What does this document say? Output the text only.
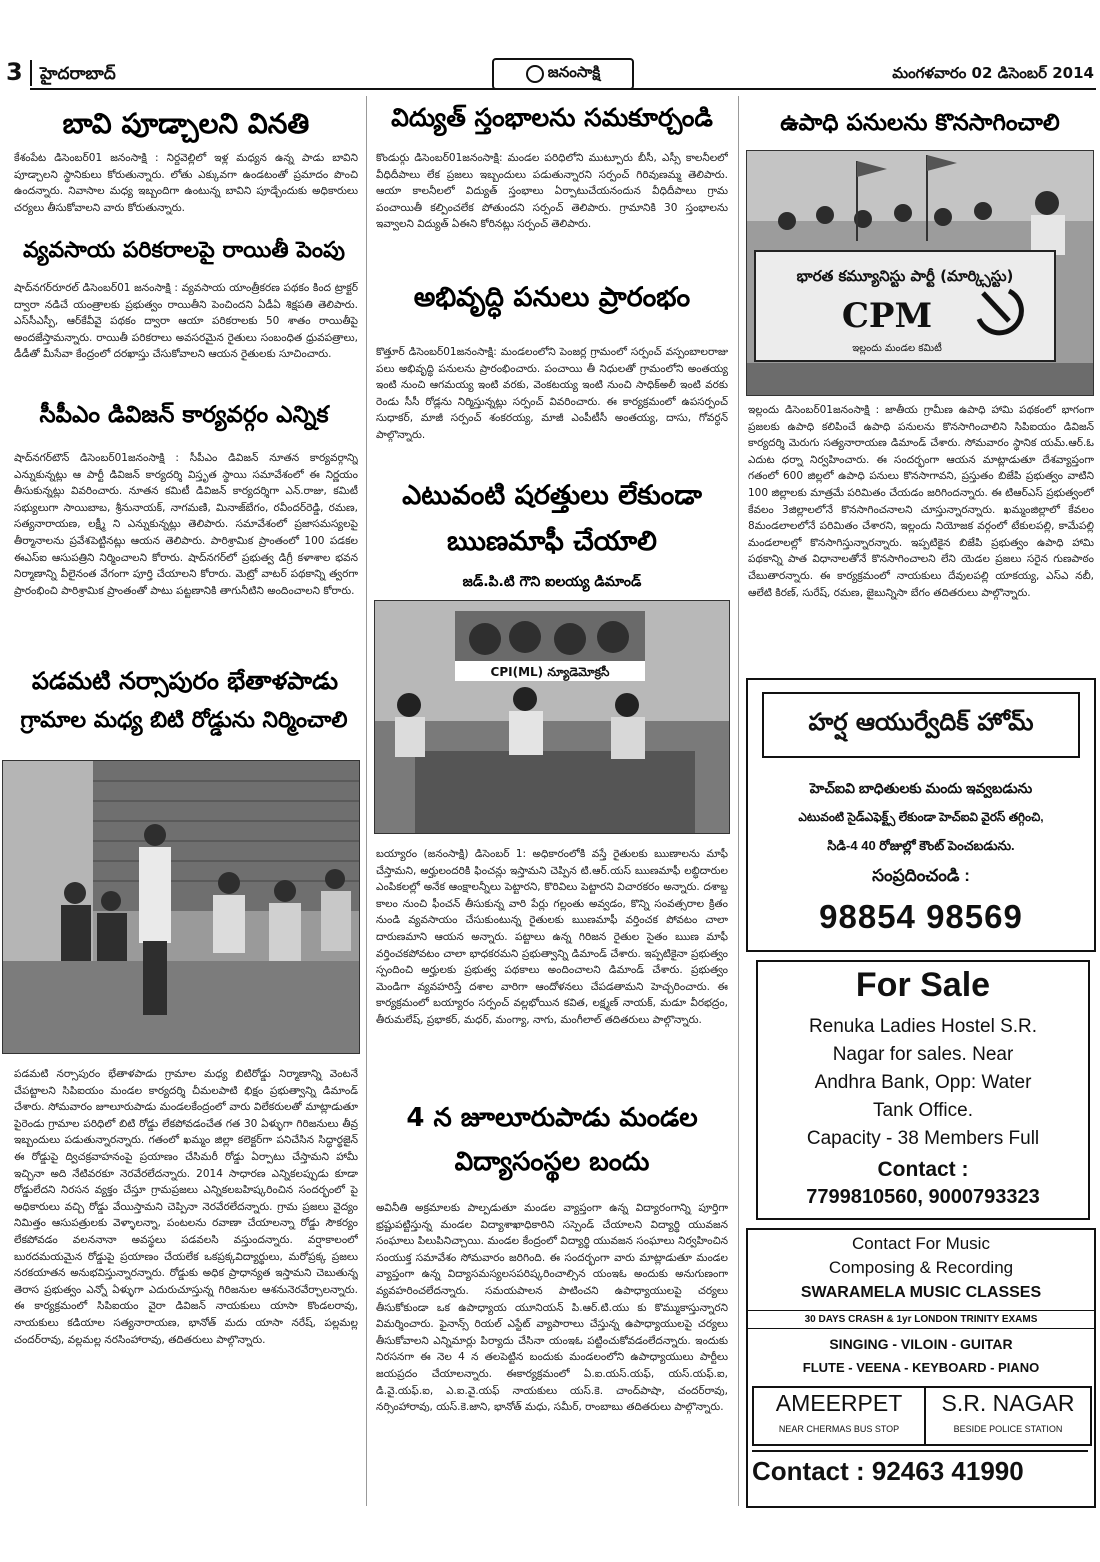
3 హైదరాబాద్	జనంసాక్షి	మంగళవారం 02 డిసెంబర్ 2014
బావి పూడ్చాలని వినతి
కేశంపేట డిసెంబర్01 జనంసాక్షి : నిర్దవెల్లిలో ఇళ్ల మధ్యన ఉన్న పాడు బావిని పూడ్చాలని స్థానికులు కోరుతున్నారు. లోతు ఎక్కువగా ఉండటంతో ప్రమాదం పొంచి ఉందన్నారు. నివాసాల మధ్య ఇబ్బందిగా ఉంటున్న బావిని పూడ్చేందుకు అధికారులు చర్యలు తీసుకోవాలని వారు కోరుతున్నారు.
వ్యవసాయ పరికరాలపై రాయితీ పెంపు
షాద్‌నగర్‌రూరల్ డిసెంబర్01 జనంసాక్షి : వ్యవసాయ యాంత్రీకరణ పథకం కింద ట్రాక్టర్ ద్వారా నడిచే యంత్రాలకు ప్రభుత్వం రాయితీని పెంచిందని ఏడీఏ శిక్షపతి తెలిపారు. ఎస్‌సీఎస్పీ, ఆర్‌కేవీవై పథకం ద్వారా ఆయా పరికరాలకు 50 శాతం రాయితీపై అందజేస్తామన్నారు. రాయితీ పరికరాలు అవసరమైన రైతులు సంబంధిత ధ్రువపత్రాలు, డీడీతో మీసేవా కేంద్రంలో దరఖాస్తు చేసుకోవాలని ఆయన రైతులకు సూచించారు.
సీపీఎం డివిజన్ కార్యవర్గం ఎన్నిక
షాద్‌నగర్‌టౌన్ డిసెంబర్01జనంసాక్షి : సీపీఎం డివిజన్ నూతన కార్యవర్గాన్ని ఎన్నుకున్నట్లు ఆ పార్టీ డివిజన్ కార్యదర్శి విస్తృత స్థాయి సమావేశంలో ఈ నిర్ణయం తీసుకున్నట్లు వివరించారు. నూతన కమిటీ డివిజన్ కార్యదర్శిగా ఎన్.రాజు, కమిటీ సభ్యులుగా సాయిబాబ, శ్రీనునాయక్, నాగమణి, మినాజ్‌బేగం, రవీందర్‌రెడ్డి, రమణ, సత్యనారాయణ, లక్ష్మీ ని ఎన్నుకున్నట్లు తెలిపారు. సమావేశంలో ప్రజాసమస్యలపై తీర్మానాలను ప్రవేశపెట్టినట్లు ఆయన తెలిపారు. పారిశ్రామిక ప్రాంతంలో 100 పడకల ఈఎస్ఐ ఆసుపత్రిని నిర్మించాలని కోరారు. షాద్‌నగర్‌లో ప్రభుత్వ డిగ్రీ కళాశాల భవన నిర్మాణాన్ని వీలైనంత వేగంగా పూర్తి చేయాలని కోరారు. మెట్రో వాటర్ పథకాన్ని త్వరగా ప్రారంభించి పారిశ్రామిక ప్రాంతంతో పాటు పట్టణానికి తాగునీటిని అందించాలని కోరారు.
పడమటి నర్సాపురం భేతాళపాడు
గ్రామాల మధ్య బిటి రోడ్డును నిర్మించాలి
పడమటి నర్సాపురం భేతాళపాడు గ్రామాల మధ్య బిటిరోడ్డు నిర్మాణాన్ని వెంటనే చేపట్టాలని సిపిఐయం మండల కార్యదర్శి చీమలపాటి భిక్షం ప్రభుత్వాన్ని డిమాండ్ చేశారు. సోమవారం జూలూరుపాడు మండలకేంద్రంలో వారు విలేకరులతో మాట్లాడుతూ పైరెండు గ్రామాల పరిధిలో బిటి రోడ్డు లేకపోవడంచేత గత 30 ఏళ్ళుగా గిరిజనులు తీవ్ర ఇబ్బందులు పడుతున్నారన్నారు. గతంలో ఖమ్మం జిల్లా కలెక్టర్‌గా పనిచేసిన సిద్ధార్థజైన్ ఈ రోడ్డుపై ద్విచక్రవాహనంపై ప్రయాణం చేసిమరీ రోడ్డు ఏర్పాటు చేస్తామని హామీ ఇచ్చినా అది నేటివరకూ నెరవేరలేదన్నారు. 2014 సాధారణ ఎన్నికలప్పుడు కూడా రోడ్డులేదని నిరసన వ్యక్తం చేస్తూ గ్రామప్రజలు ఎన్నికలబహిష్కరించిన సందర్భంలో పై అధికారులు వచ్చి రోడ్డు వేయిస్తామని చెప్పినా నెరవేరలేదన్నారు. గ్రామ ప్రజలు వైద్యం నిమిత్తం ఆసుపత్రులకు వెళ్ళాలన్నా, పంటలను రవాణా చేయాలన్నా రోడ్డు సౌకర్యం లేకపోవడం వలననానా అవస్థలు పడవలసి వస్తుందన్నారు. వర్షాకాలంలో బురదమయమైన రోడ్డుపై ప్రయాణం చేయలేక ఒకప్రక్కవిద్యార్థులు, మరోప్రక్క ప్రజలు నరకయాతన అనుభవిస్తున్నారన్నారు. రోడ్డుకు అధిక ప్రాధాన్యత ఇస్తామని చెబుతున్న తెరాస ప్రభుత్వం ఎన్నో ఏళ్ళుగా ఎదురుచూస్తున్న గిరిజనుల ఆశనునెరవేర్చాలన్నారు. ఈ కార్యక్రమంలో సిపిఐయం వైరా డివిజన్ నాయకులు యాసా కొండలరావు, నాయకులు కడియాల సత్యనారాయణ, భానోత్ మదు యాసా నరేష్, పల్లమల్ల చందర్‌రావు, వల్లమల్ల నరసింహారావు, తదితరులు పాల్గొన్నారు.
విద్యుత్ స్తంభాలను సమకూర్చండి
కొండుర్గు డిసెంబర్01జనంసాక్షి: మండల పరిధిలోని ముట్పూరు బీసీ, ఎస్సీ కాలనీలలో వీధిదీపాలు లేక ప్రజలు ఇబ్బందులు పడుతున్నారని సర్పంచ్ గిరివుణమ్మ తెలిపారు. ఆయా కాలనీలలో విద్యుత్ స్తంభాలు ఏర్పాటుచేయనందున వీధిదీపాలు గ్రామ పంచాయితీ కల్పించలేక పోతుందని సర్పంచ్ తెలిపారు. గ్రామానికి 30 స్తంభాలను ఇవ్వాలని విద్యుత్ ఏఈని కోరినట్లు సర్పంచ్ తెలిపారు.
అభివృద్ధి పనులు ప్రారంభం
కొత్తూర్ డిసెంబర్01జనంసాక్షి: మండలంలోని పెంజర్ల గ్రామంలో సర్పంచ్ వస్పంబాలరాజు పలు అభివృద్ధి పనులను ప్రారంభించారు. పంచాయి తీ నిధులతో గ్రామంలోని అంతయ్య ఇంటి నుంచి ఆగమయ్య ఇంటి వరకు, వెంకటయ్య ఇంటి నుంచి సాధిక్‌అలీ ఇంటి వరకు రెండు సీసీ రోడ్లను నిర్మిస్తున్నట్లు సర్పంచ్ వివరించారు. ఈ కార్యక్రమంలో ఉపసర్పంచ్ సుధాకర్, మాజీ సర్పంచ్ శంకరయ్య, మాజీ ఎంపీటీసీ అంతయ్య, దాసు, గోవర్ధన్ పాల్గొన్నారు.
ఎటువంటి షరత్తులు లేకుండా
ఋణమాఫీ చేయాలి
జడ్.పి.టి గౌని ఐలయ్య డిమాండ్
CPI(ML) న్యూడెమోక్రసీ
బయ్యారం (జనంసాక్షి) డిసెంబర్ 1: అధికారంలోకి వస్తే రైతులకు ఋణాలను మాఫీ చేస్తామని, అర్హులందరికి ఫించన్లు ఇస్తామని చెప్పిన టి.ఆర్.యస్ ఋణమాఫీ లబ్ధిదారుల ఎంపికలల్లో అనేక ఆంక్షాలన్నీలు పెట్టారని, కొరివిలు పెట్టారని విచారకరం అన్నారు. దశాబ్ద కాలం నుంచి ఫీంచన్ తీసుకున్న వారి పేర్లు గల్లంతు అవ్వడం, కొన్ని సంవత్సరాల క్రితం నుండి వ్యవసాయం చేసుకుంటున్న రైతులకు ఋణమాఫీ వర్తించక పోవటం చాలా దారుణమాని ఆయన అన్నారు. పట్టాలు ఉన్న గిరిజన రైతుల సైతం ఋణ మాఫీ వర్తించకపోవటం చాలా భాధకరమని ప్రభుత్వాన్ని డిమాండ్ చేశారు. ఇప్పటికైనా ప్రభుత్వం స్పందించి అర్హులకు ప్రభుత్వ పథకాలు అందించాలని డిమాండ్ చేశారు. ప్రభుత్వం మెండిగా వ్యవహరిస్తే దశాల వారిగా ఆందోళనలు చేపడతామని హెచ్చరించారు. ఈ కార్యక్రమంలో బయ్యారం సర్పంచ్ వల్లభోయిన కవిత, లక్ష్మణ్ నాయక్, మడూ వీరభద్రం, తీరుమలేష్, ప్రభాకర్, మధర్, మంగ్యా, నాగు, మంగీలాల్ తదితరులు పాల్గొన్నారు.
4 న జూలూరుపాడు మండల
విద్యాసంస్థల బందు
అవినీతి అక్రమాలకు పాల్పడుతూ మండల వ్యాప్తంగా ఉన్న విద్యారంగాన్ని పూర్తిగా భ్రష్టుపట్టిస్తున్న మండల విద్యాశాఖాధికారిని సస్పెండ్ చేయాలని విద్యార్థి యువజన సంఘాలు పిలుపినిచ్చాయి. మండల కేంద్రంలో విద్యార్థి యువజన సంఘాలు నిర్వహించిన సంయుక్త సమావేశం సోమవారం జరిగింది. ఈ సందర్భంగా వారు మాట్లాడుతూ మండల వ్యాప్తంగా ఉన్న విద్యాసమస్యలసపరిష్కరించాల్సిన యంఇఓ అందుకు అనుగుణంగా వ్యవహరించలేదన్నారు. సమయపాలన పాటించని ఉపాధ్యాయులపై చర్యలు తీసుకోకుండా ఒక ఉపాధ్యాయ యూనియన్ పి.ఆర్.టి.యు కు కొమ్ముకాస్తున్నారని విమర్శించారు. ఫైనాన్స్ రియల్ ఎస్టేట్ వ్యాపారాలు చేస్తున్న ఉపాధ్యాయులపై చర్యలు తీసుకోవాలని ఎన్నిమార్లు పిర్యాదు చేసినా యంఇఓ పట్టించుకోవడంలేదన్నారు. ఇందుకు నిరసనగా ఈ నెల 4 న తలపెట్టిన బందుకు మండలంలోని ఉపాధ్యాయులు పార్టీలు జయప్రదం చేయాలన్నారు. ఈకార్యక్రమంలో ఏ.ఐ.యస్.యఫ్, యస్.యఫ్.ఐ, డి.వై.యఫ్.ఐ, ఎ.ఐ.వై.యఫ్ నాయకులు యస్.కె. చాంద్‌పాషా, చందర్‌రావు, నర్సింహారావు, యస్.కె.జాని, భానోత్ మధు, సమీర్, రాంబాబు తదితరులు పాల్గొన్నారు.
ఉపాధి పనులను కొనసాగించాలి
భారత కమ్యూనిస్టు పార్టీ (మార్క్సిస్టు)
CPM
ఇల్లందు మండల కమిటీ
ఇల్లందు డిసెంబర్01జనంసాక్షి : జాతీయ గ్రామీణ ఉపాధి హామి పథకంలో భాగంగా ప్రజలకు ఉపాధి కలిపించే ఉపాధి పనులను కొనసాగించాలిని సిపిఐయం డివిజన్ కార్యదర్శి మెరుగు సత్యనారాయణ డిమాండ్ చేశారు. సోమవారం స్థానిక యమ్.ఆర్.ఓ ఎదుట ధర్నా నిర్వహించారు. ఈ సందర్భంగా ఆయన మాట్లాడుతూ దేశవ్యాప్తంగా గతంలో 600 జిల్లలో ఉపాధి పనులు కొనసాగావని, ప్రస్తుతం బిజేపి ప్రభుత్వం వాటిని 100 జిల్లాలకు మాత్రమే పరిమితం చేయడం జరిగిందన్నారు. ఈ టిఆర్ఎస్ ప్రభుత్వంలో కేవలం 3జిల్లాలలోనే కొనసాగించనాలని చూస్తున్నారన్నారు. ఖమ్మంజిల్లాలో కేవలం 8మండలాలలోనే పరిమితం చేశారని, ఇల్లందు నియోజక వర్గంలో టేకులపల్లి, కామేపల్లి మండలాలల్లో కొనసాగిస్తున్నారన్నారు. ఇప్పటికైన బిజేపి ప్రభుత్వం ఉపాధి హామి పథకాన్ని పాత విధానాలతోనే కొనసాగించాలని లేని యెడల ప్రజలు సరైన గుణపాఠం చేబుతారన్నారు. ఈ కార్యక్రమంలో నాయకులు దేవులపల్లి యాకయ్య, ఎస్ఎ నబీ, ఆలేటి కిరణ్, సురేష్, రమణ, జైబున్నిసా బేగం తదితరులు పాల్గొన్నారు.
హర్ష ఆయుర్వేదిక్ హోమ్
హెచ్ఐవి బాధితులకు మందు ఇవ్వబడును
ఎటువంటి సైడ్‌ఎఫెక్ట్స్ లేకుండా హెచ్ఐవి వైరస్ తగ్గించి,
సిడి-4 40 రోజుల్లో కౌంట్ పెంచబడును.
సంప్రదించండి :
98854 98569
For Sale
Renuka Ladies Hostel S.R.
Nagar for sales. Near
Andhra Bank, Opp: Water
Tank Office.
Capacity - 38 Members Full
Contact :
7799810560, 9000793323
Contact For Music
Composing & Recording
SWARAMELA MUSIC CLASSES
30 DAYS CRASH & 1yr LONDON TRINITY EXAMS
SINGING - VILOIN - GUITAR
FLUTE - VEENA - KEYBOARD - PIANO
AMEERPET
NEAR CHERMAS BUS STOP
S.R. NAGAR
BESIDE POLICE STATION
Contact : 92463 41990
